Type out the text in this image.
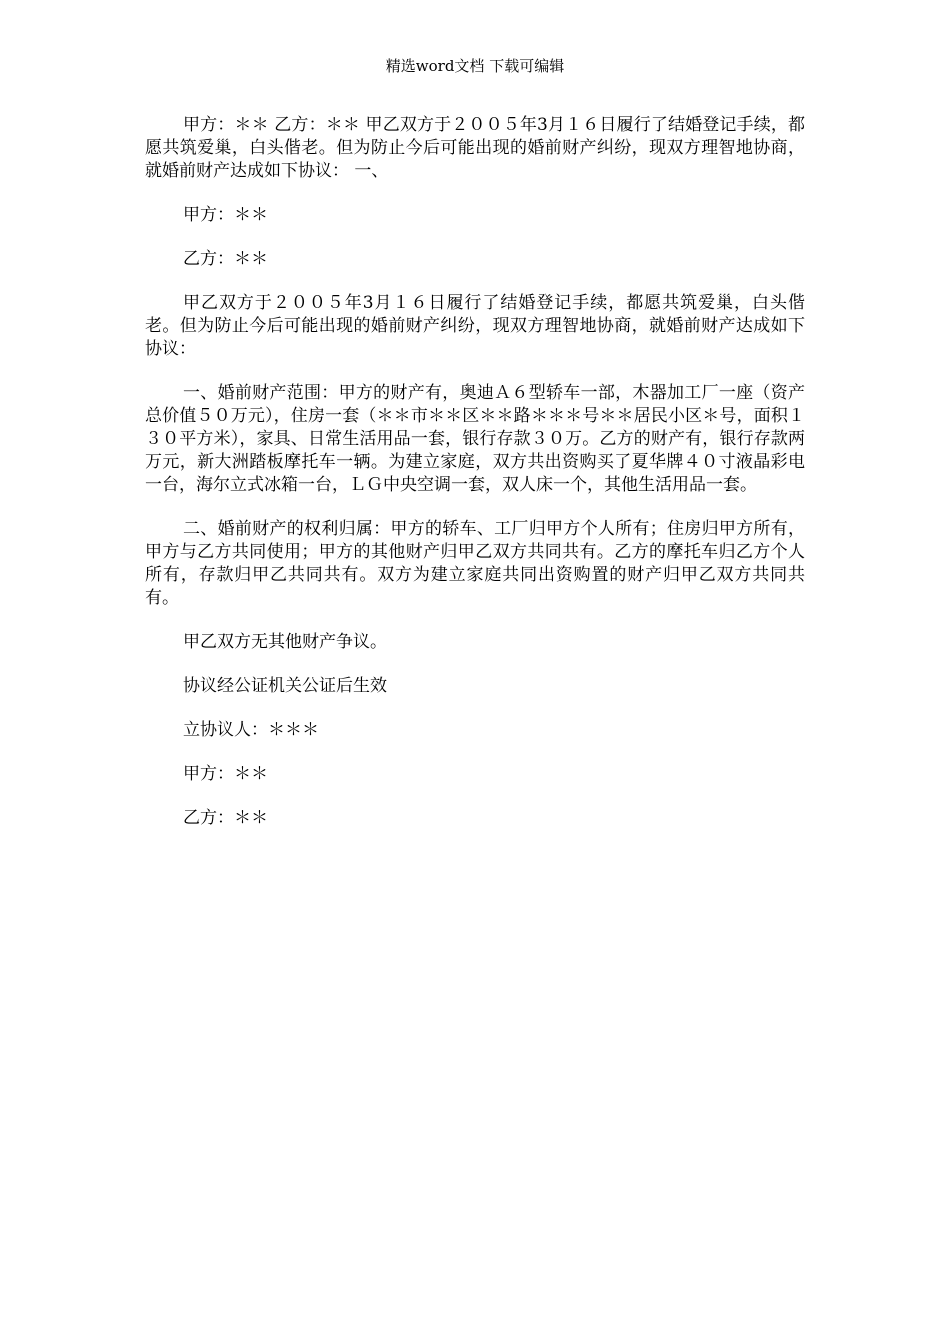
精选word文档 下载可编辑

甲方：＊＊ 乙方：＊＊ 甲乙双方于２００５年3月１６日履行了结婚登记手续，都愿共筑爱巢，白头偕老。但为防止今后可能出现的婚前财产纠纷，现双方理智地协商，就婚前财产达成如下协议： 一、

甲方：＊＊

乙方：＊＊

甲乙双方于２００５年3月１６日履行了结婚登记手续，都愿共筑爱巢，白头偕老。但为防止今后可能出现的婚前财产纠纷，现双方理智地协商，就婚前财产达成如下协议：

一、婚前财产范围：甲方的财产有，奥迪Ａ６型轿车一部，木器加工厂一座（资产总价值５０万元），住房一套（＊＊市＊＊区＊＊路＊＊＊号＊＊居民小区＊号，面积１３０平方米），家具、日常生活用品一套，银行存款３０万。乙方的财产有，银行存款两万元，新大洲踏板摩托车一辆。为建立家庭，双方共出资购买了夏华牌４０寸液晶彩电一台，海尔立式冰箱一台，ＬＧ中央空调一套，双人床一个，其他生活用品一套。

二、婚前财产的权利归属：甲方的轿车、工厂归甲方个人所有；住房归甲方所有，甲方与乙方共同使用；甲方的其他财产归甲乙双方共同共有。乙方的摩托车归乙方个人所有，存款归甲乙共同共有。双方为建立家庭共同出资购置的财产归甲乙双方共同共有。

甲乙双方无其他财产争议。

协议经公证机关公证后生效

立协议人：＊＊＊

甲方：＊＊

乙方：＊＊
